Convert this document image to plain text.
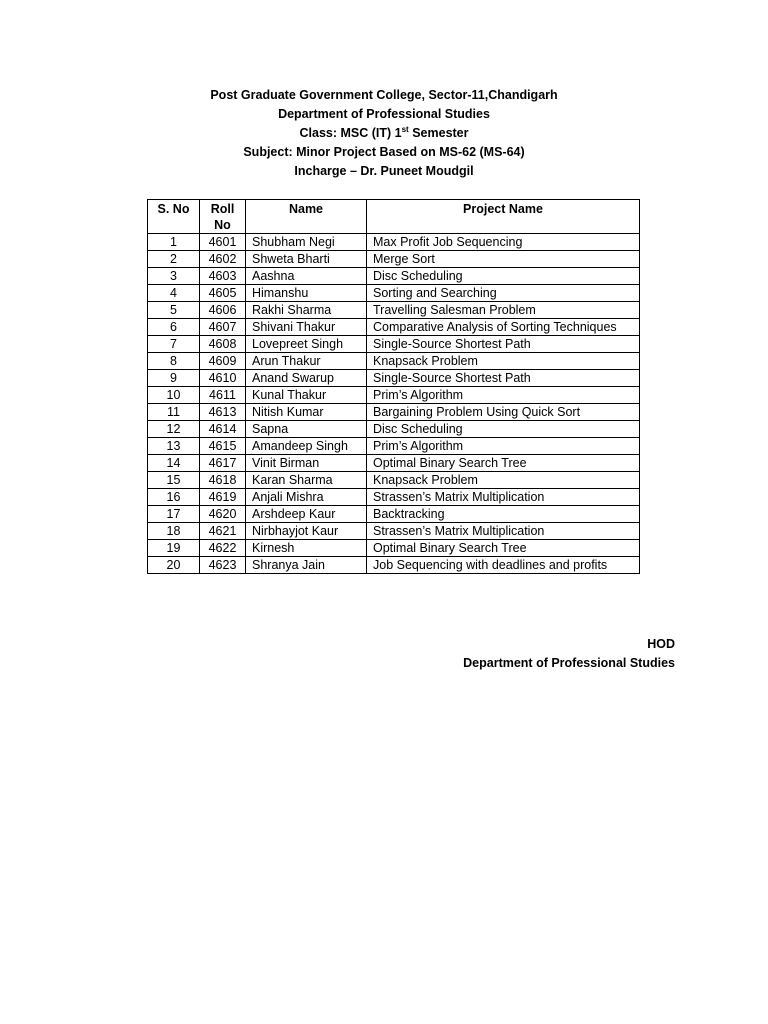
Post Graduate Government College, Sector-11,Chandigarh
Department of Professional Studies
Class: MSC (IT) 1st Semester
Subject: Minor Project Based on MS-62 (MS-64)
Incharge – Dr. Puneet Moudgil
S. No	Roll No	Name	Project Name
1	4601	Shubham Negi	Max Profit Job Sequencing
2	4602	Shweta Bharti	Merge Sort
3	4603	Aashna	Disc Scheduling
4	4605	Himanshu	Sorting and Searching
5	4606	Rakhi Sharma	Travelling Salesman Problem
6	4607	Shivani Thakur	Comparative Analysis of Sorting Techniques
7	4608	Lovepreet Singh	Single-Source Shortest Path
8	4609	Arun Thakur	Knapsack Problem
9	4610	Anand Swarup	Single-Source Shortest Path
10	4611	Kunal Thakur	Prim’s Algorithm
11	4613	Nitish Kumar	Bargaining Problem Using Quick Sort
12	4614	Sapna	Disc Scheduling
13	4615	Amandeep Singh	Prim’s Algorithm
14	4617	Vinit Birman	Optimal Binary Search Tree
15	4618	Karan Sharma	Knapsack Problem
16	4619	Anjali Mishra	Strassen’s Matrix Multiplication
17	4620	Arshdeep Kaur	Backtracking
18	4621	Nirbhayjot Kaur	Strassen’s Matrix Multiplication
19	4622	Kirnesh	Optimal Binary Search Tree
20	4623	Shranya Jain	Job Sequencing with deadlines and profits
HOD
Department of Professional Studies
